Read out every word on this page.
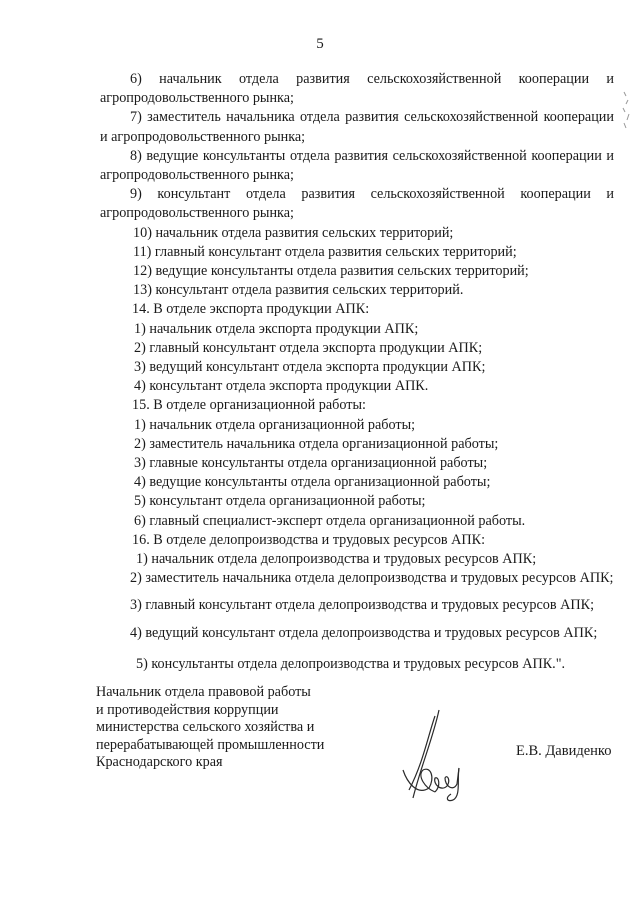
5

6) начальник отдела развития сельскохозяйственной кооперации и агропродовольственного рынка;

7) заместитель начальника отдела развития сельскохозяйственной кооперации и агропродовольственного рынка;

8) ведущие консультанты отдела развития сельскохозяйственной кооперации и агропродовольственного рынка;

9) консультант отдела развития сельскохозяйственной кооперации и агропродовольственного рынка;

10) начальник отдела развития сельских территорий;

11) главный консультант отдела развития сельских территорий;

12) ведущие консультанты отдела развития сельских территорий;

13) консультант отдела развития сельских территорий.

14. В отделе экспорта продукции АПК:

1) начальник отдела экспорта продукции АПК;

2) главный консультант отдела экспорта продукции АПК;

3) ведущий консультант отдела экспорта продукции АПК;

4) консультант отдела экспорта продукции АПК.

15. В отделе организационной работы:

1) начальник отдела организационной работы;

2) заместитель начальника отдела организационной работы;

3) главные консультанты отдела организационной работы;

4) ведущие консультанты отдела организационной работы;

5) консультант отдела организационной работы;

6) главный специалист-эксперт отдела организационной работы.

16. В отделе делопроизводства и трудовых ресурсов АПК:

1) начальник отдела делопроизводства и трудовых ресурсов АПК;

2) заместитель начальника отдела делопроизводства и трудовых ресурсов АПК;

3) главный консультант отдела делопроизводства и трудовых ресурсов АПК;

4) ведущий консультант отдела делопроизводства и трудовых ресурсов АПК;

5) консультанты отдела делопроизводства и трудовых ресурсов АПК.".

Начальник отдела правовой работы

и противодействия коррупции

министерства сельского хозяйства и

перерабатывающей промышленности

Краснодарского края

Е.В. Давиденко
